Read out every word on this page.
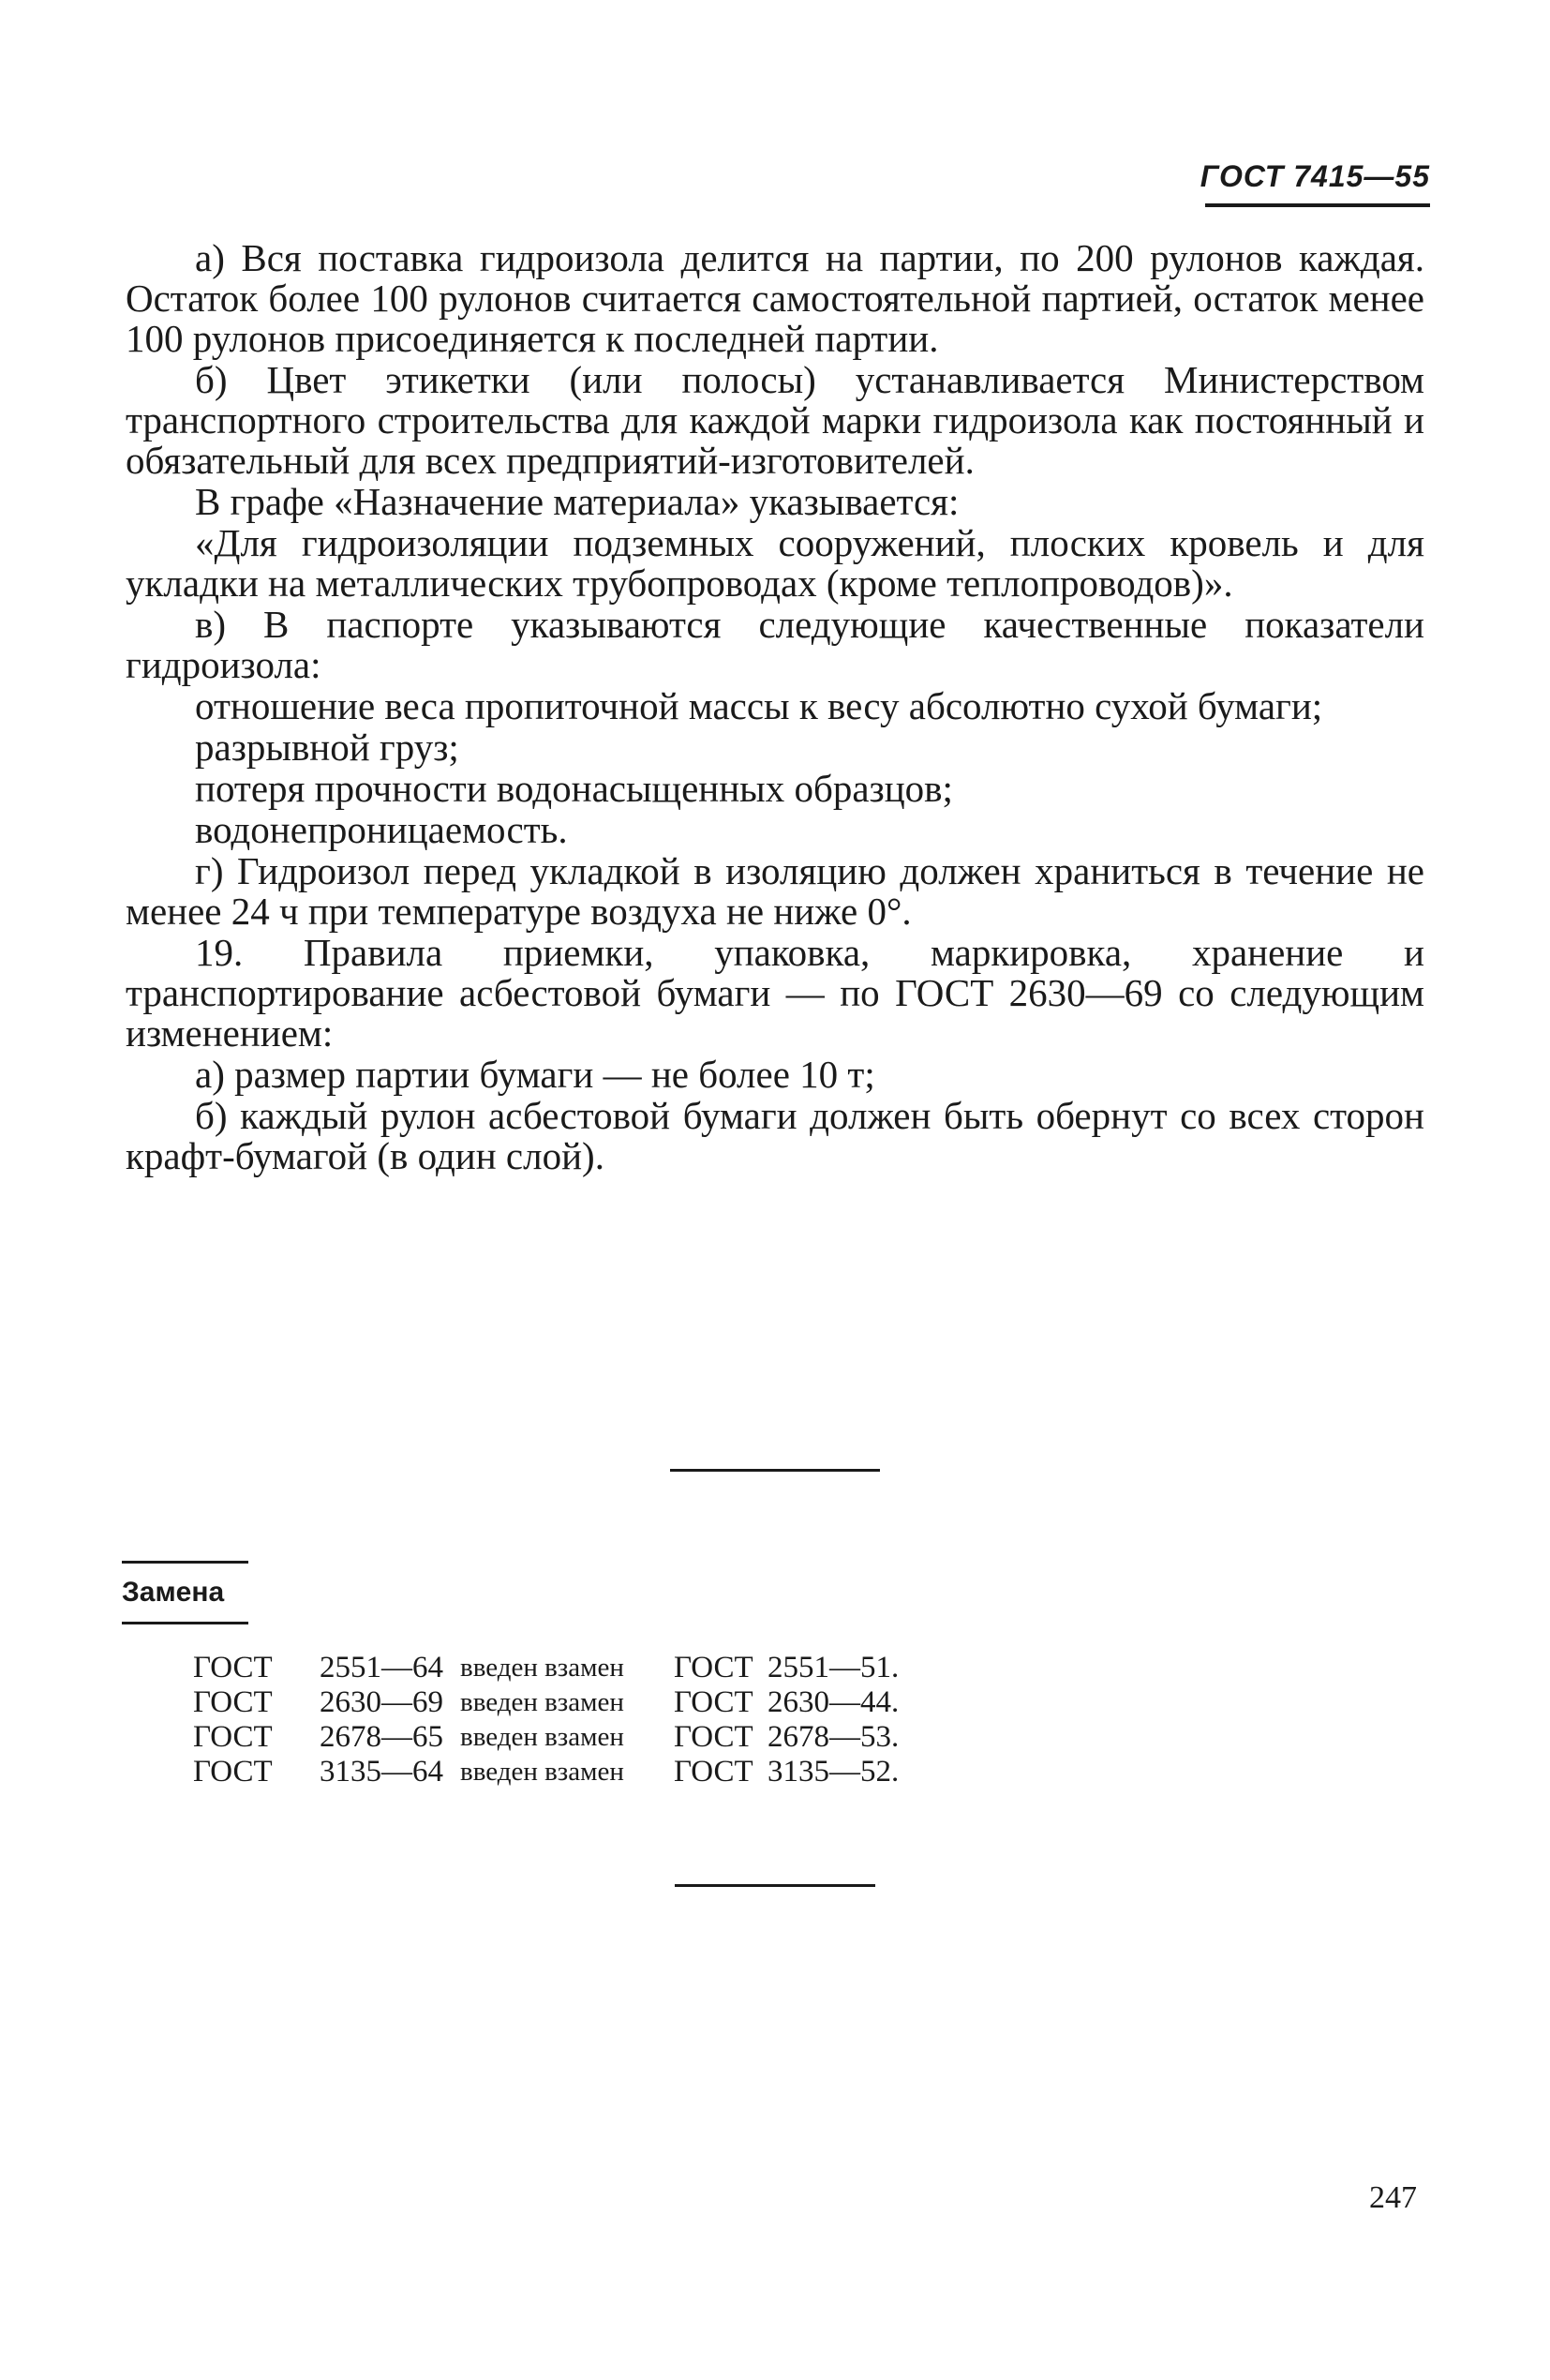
ГОСТ 7415—55

а) Вся поставка гидроизола делится на партии, по 200 рулонов каждая. Остаток более 100 рулонов считается самостоятельной партией, остаток менее 100 рулонов присоединяется к последней партии.

б) Цвет этикетки (или полосы) устанавливается Министерством транспортного строительства для каждой марки гидроизола как постоянный и обязательный для всех предприятий-изготовителей.

В графе «Назначение материала» указывается:

«Для гидроизоляции подземных сооружений, плоских кровель и для укладки на металлических трубопроводах (кроме теплопроводов)».

в) В паспорте указываются следующие качественные показатели гидроизола:

отношение веса пропиточной массы к весу абсолютно сухой бумаги;

разрывной груз;

потеря прочности водонасыщенных образцов;

водонепроницаемость.

г) Гидроизол перед укладкой в изоляцию должен храниться в течение не менее 24 ч при температуре воздуха не ниже 0°.

19. Правила приемки, упаковка, маркировка, хранение и транспортирование асбестовой бумаги — по ГОСТ 2630—69 со следующим изменением:

а) размер партии бумаги — не более 10 т;

б) каждый рулон асбестовой бумаги должен быть обернут со всех сторон крафт-бумагой (в один слой).

Замена
ГОСТ	2551—64	введен взамен	ГОСТ	2551—51.
ГОСТ	2630—69	введен взамен	ГОСТ	2630—44.
ГОСТ	2678—65	введен взамен	ГОСТ	2678—53.
ГОСТ	3135—64	введен взамен	ГОСТ	3135—52.
247
